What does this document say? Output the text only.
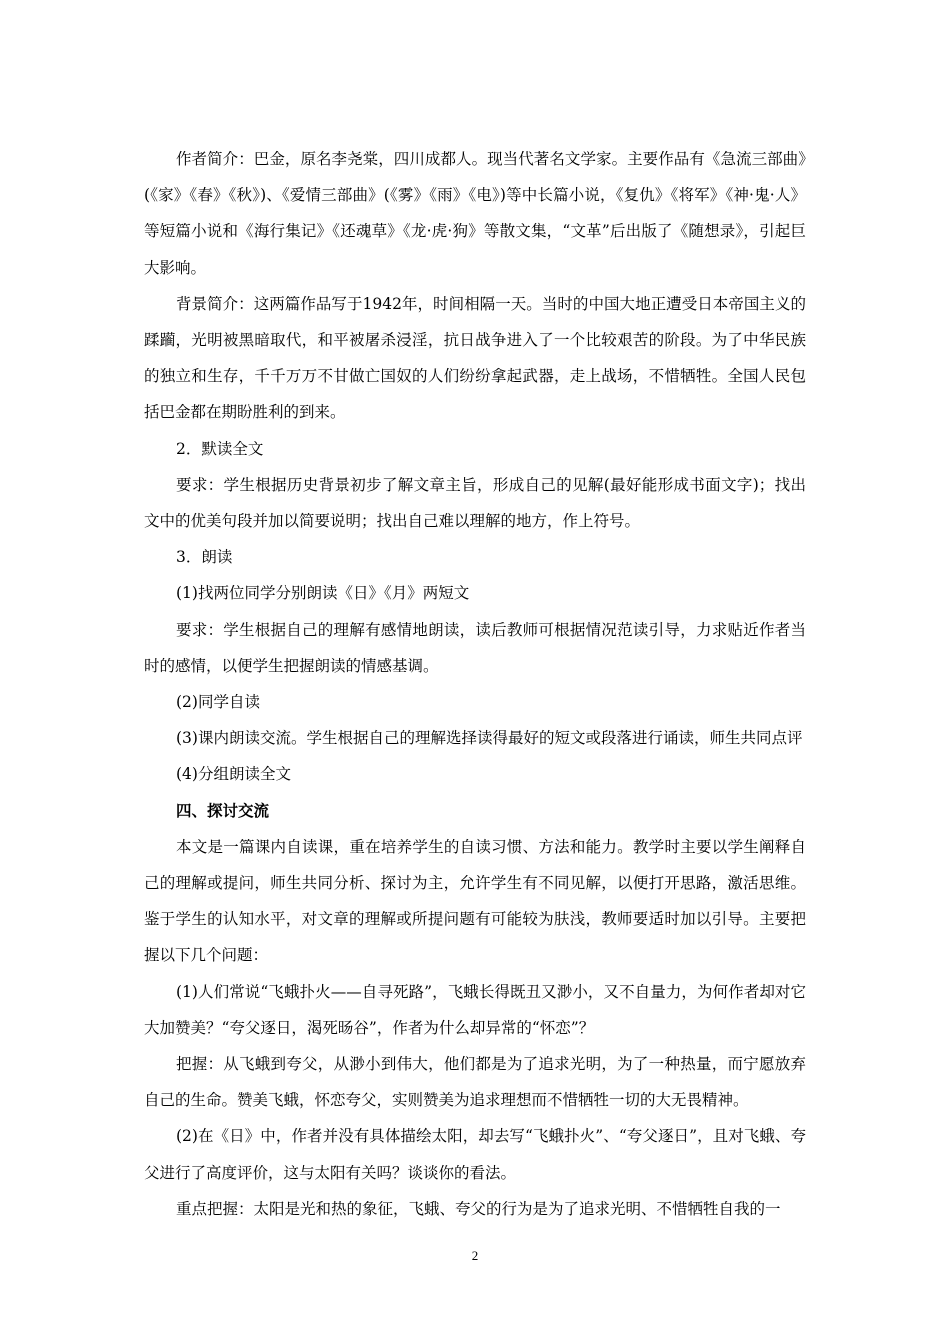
作者简介：巴金，原名李尧棠，四川成都人。现当代著名文学家。主要作品有《急流三部曲》(《家》《春》《秋》)、《爱情三部曲》(《雾》《雨》《电》)等中长篇小说，《复仇》《将军》《神·鬼·人》等短篇小说和《海行集记》《还魂草》《龙·虎·狗》等散文集，“文革”后出版了《随想录》，引起巨大影响。

背景简介：这两篇作品写于1942年，时间相隔一天。当时的中国大地正遭受日本帝国主义的蹂躏，光明被黑暗取代，和平被屠杀浸淫，抗日战争进入了一个比较艰苦的阶段。为了中华民族的独立和生存，千千万万不甘做亡国奴的人们纷纷拿起武器，走上战场，不惜牺牲。全国人民包括巴金都在期盼胜利的到来。

2．默读全文

要求：学生根据历史背景初步了解文章主旨，形成自己的见解(最好能形成书面文字)；找出文中的优美句段并加以简要说明；找出自己难以理解的地方，作上符号。

3．朗读

(1)找两位同学分别朗读《日》《月》两短文

要求：学生根据自己的理解有感情地朗读，读后教师可根据情况范读引导，力求贴近作者当时的感情，以便学生把握朗读的情感基调。

(2)同学自读

(3)课内朗读交流。学生根据自己的理解选择读得最好的短文或段落进行诵读，师生共同点评

(4)分组朗读全文

四、探讨交流

本文是一篇课内自读课，重在培养学生的自读习惯、方法和能力。教学时主要以学生阐释自己的理解或提问，师生共同分析、探讨为主，允许学生有不同见解，以便打开思路，激活思维。鉴于学生的认知水平，对文章的理解或所提问题有可能较为肤浅，教师要适时加以引导。主要把握以下几个问题：

(1)人们常说“飞蛾扑火——自寻死路”，飞蛾长得既丑又渺小，又不自量力，为何作者却对它大加赞美？“夸父逐日，渴死旸谷”，作者为什么却异常的“怀恋”？

把握：从飞蛾到夸父，从渺小到伟大，他们都是为了追求光明，为了一种热量，而宁愿放弃自己的生命。赞美飞蛾，怀恋夸父，实则赞美为追求理想而不惜牺牲一切的大无畏精神。

(2)在《日》中，作者并没有具体描绘太阳，却去写“飞蛾扑火”、“夸父逐日”，且对飞蛾、夸父进行了高度评价，这与太阳有关吗？谈谈你的看法。

重点把握：太阳是光和热的象征，飞蛾、夸父的行为是为了追求光明、不惜牺牲自我的一

2
